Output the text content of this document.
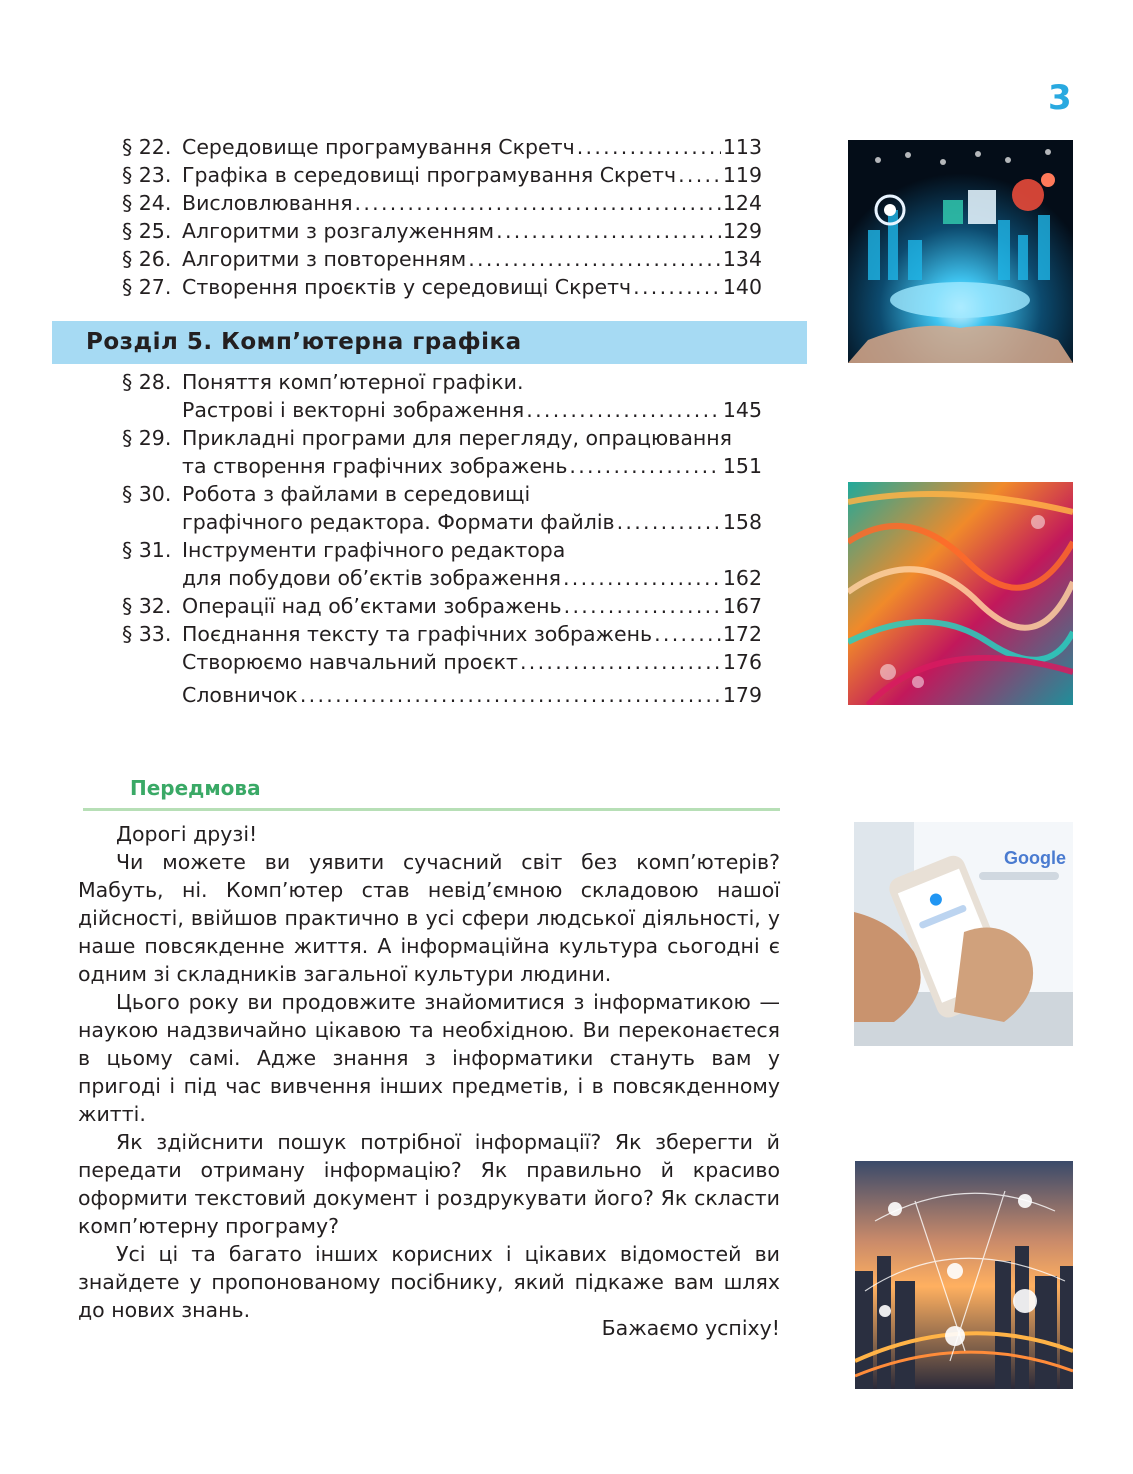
3
§ 22. Середовище програмування Скретч .....	113
§ 23. Графіка в середовищі програмування Скретч ..... 119
§ 24. Висловлювання .....	124
§ 25. Алгоритми з розгалуженням .....	129
§ 26. Алгоритми з повторенням .....	134
§ 27. Створення проєктів у середовищі Скретч .....	140
Розділ 5. Комп’ютерна графіка
§ 28. Поняття комп’ютерної графіки.
Растрові і векторні зображення .....	145
§ 29. Прикладні програми для перегляду, опрацювання
та створення графічних зображень .....	151
§ 30. Робота з файлами в середовищі
графічного редактора. Формати файлів .....	158
§ 31. Інструменти графічного редактора
для побудови об’єктів зображення .....	162
§ 32. Операції над об’єктами зображень .....	167
§ 33. Поєднання тексту та графічних зображень .....	172
Створюємо навчальний проєкт .....	176
Словничок .....	179
Передмова

Дорогі друзі!

Чи можете ви уявити сучасний світ без комп’ютерів? Мабуть, ні. Комп’ютер став невід’ємною складовою нашої дійсності, ввійшов практично в усі сфери людської діяльності, у наше повсякденне життя. А інформаційна культура сьогодні є одним зі складників загальної культури людини.

Цього року ви продовжите знайомитися з інформатикою — наукою надзвичайно цікавою та необхідною. Ви переконаєтеся в цьому самі. Адже знання з інформатики стануть вам у пригоді і під час вивчення інших предметів, і в повсякденному житті.

Як здійснити пошук потрібної інформації? Як зберегти й передати отриману інформацію? Як правильно й красиво оформити текстовий документ і роздрукувати його? Як скласти комп’ютерну програму?

Усі ці та багато інших корисних і цікавих відомостей ви знайдете у пропонованому посібнику, який підкаже вам шлях до нових знань.

Бажаємо успіху!
Google
